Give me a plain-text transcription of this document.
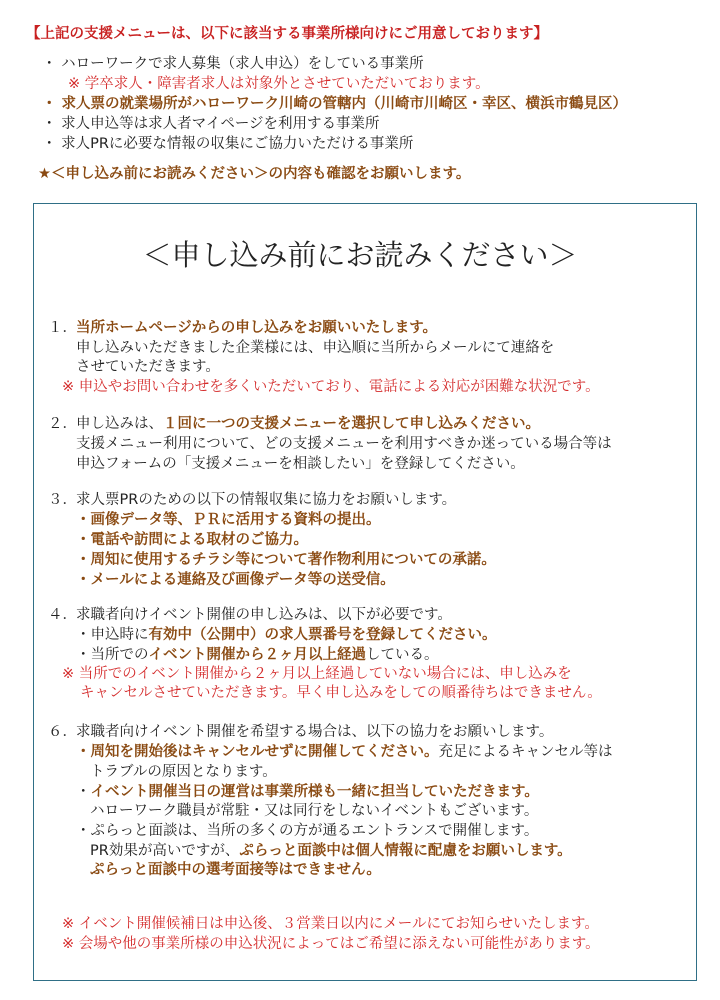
【上記の支援メニューは、以下に該当する事業所様向けにご用意しております】
・ ハローワークで求人募集（求人申込）をしている事業所
※ 学卒求人・障害者求人は対象外とさせていただいております。
・ 求人票の就業場所がハローワーク川崎の管轄内（川崎市川崎区・幸区、横浜市鶴見区）
・ 求人申込等は求人者マイページを利用する事業所
・ 求人PRに必要な情報の収集にご協力いただける事業所
★＜申し込み前にお読みください＞の内容も確認をお願いします。
＜申し込み前にお読みください＞
１． 当所ホームページからの申し込みをお願いいたします。
申し込みいただきました企業様には、申込順に当所からメールにて連絡を
させていただきます。
※ 申込やお問い合わせを多くいただいており、電話による対応が困難な状況です。
２． 申し込みは、１回に一つの支援メニューを選択して申し込みください。
支援メニュー利用について、どの支援メニューを利用すべきか迷っている場合等は
申込フォームの「支援メニューを相談したい」を登録してください。
３． 求人票PRのための以下の情報収集に協力をお願いします。
・画像データ等、ＰＲに活用する資料の提出。
・電話や訪問による取材のご協力。
・周知に使用するチラシ等について著作物利用についての承諾。
・メールによる連絡及び画像データ等の送受信。
４． 求職者向けイベント開催の申し込みは、以下が必要です。
・申込時に有効中（公開中）の求人票番号を登録してください。
・当所でのイベント開催から２ヶ月以上経過している。
※ 当所でのイベント開催から２ヶ月以上経過していない場合には、申し込みを
キャンセルさせていただきます。早く申し込みをしての順番待ちはできません。
６． 求職者向けイベント開催を希望する場合は、以下の協力をお願いします。
・周知を開始後はキャンセルせずに開催してください。充足によるキャンセル等は
トラブルの原因となります。
・イベント開催当日の運営は事業所様も一緒に担当していただきます。
ハローワーク職員が常駐・又は同行をしないイベントもございます。
・ぷらっと面談は、当所の多くの方が通るエントランスで開催します。
PR効果が高いですが、ぷらっと面談中は個人情報に配慮をお願いします。
ぷらっと面談中の選考面接等はできません。
※ イベント開催候補日は申込後、３営業日以内にメールにてお知らせいたします。
※ 会場や他の事業所様の申込状況によってはご希望に添えない可能性があります。
